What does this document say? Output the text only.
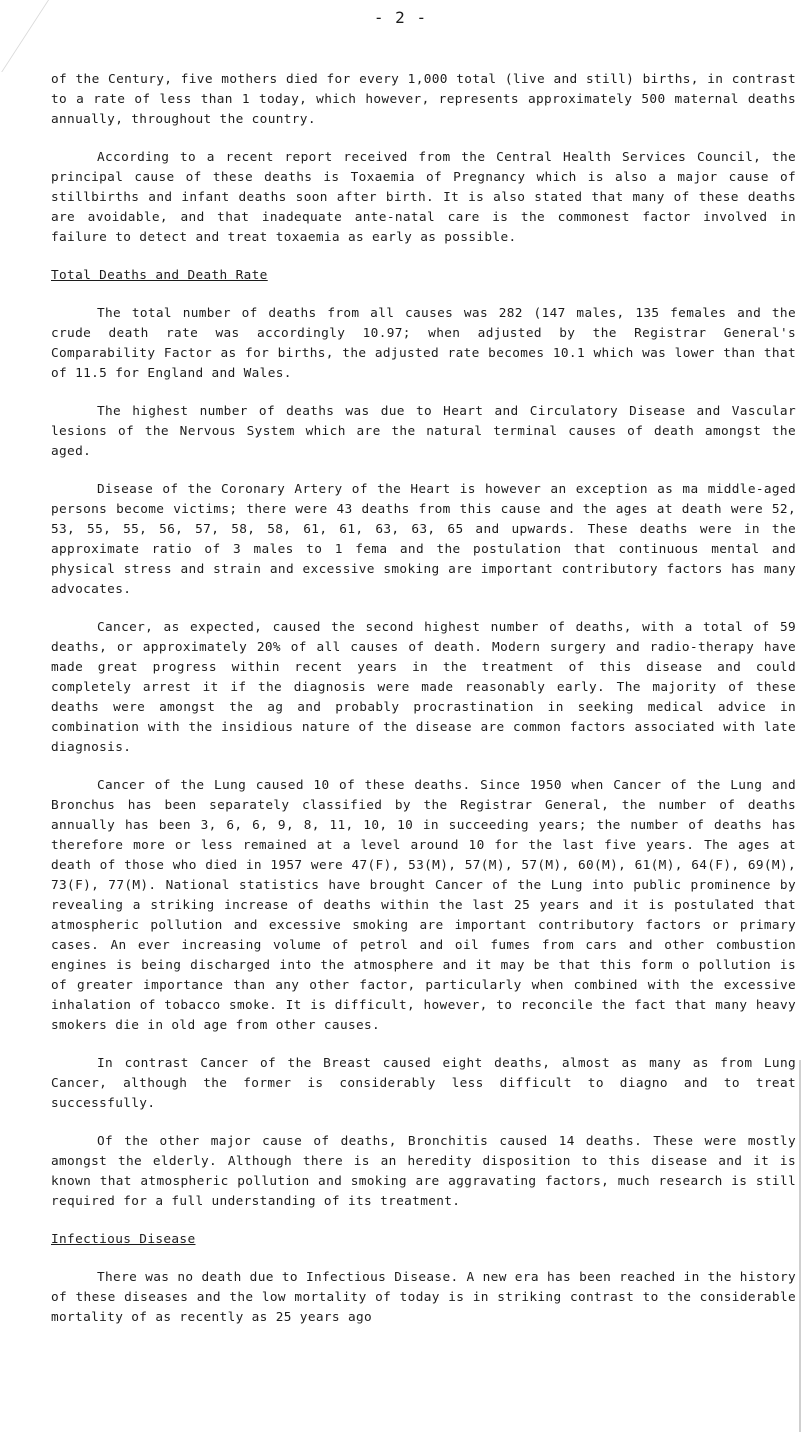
- 2 -

of the Century, five mothers died for every 1,000 total (live and still) births, in contrast to a rate of less than 1 today, which however, represents approximately 500 maternal deaths annually, throughout the country.

According to a recent report received from the Central Health Services Council, the principal cause of these deaths is Toxaemia of Pregnancy which is also a major cause of stillbirths and infant deaths soon after birth. It is also stated that many of these deaths are avoidable, and that inadequate ante-natal care is the commonest factor involved in failure to detect and treat toxaemia as early as possible.

Total Deaths and Death Rate

The total number of deaths from all causes was 282 (147 males, 135 females and the crude death rate was accordingly 10.97; when adjusted by the Registrar General's Comparability Factor as for births, the adjusted rate becomes 10.1 which was lower than that of 11.5 for England and Wales.

The highest number of deaths was due to Heart and Circulatory Disease and Vascular lesions of the Nervous System which are the natural terminal causes of death amongst the aged.

Disease of the Coronary Artery of the Heart is however an exception as ma middle-aged persons become victims; there were 43 deaths from this cause and the ages at death were 52, 53, 55, 55, 56, 57, 58, 58, 61, 61, 63, 63, 65 and upwards. These deaths were in the approximate ratio of 3 males to 1 fema and the postulation that continuous mental and physical stress and strain and excessive smoking are important contributory factors has many advocates.

Cancer, as expected, caused the second highest number of deaths, with a total of 59 deaths, or approximately 20% of all causes of death. Modern surgery and radio-therapy have made great progress within recent years in the treatment of this disease and could completely arrest it if the diagnosis were made reasonably early. The majority of these deaths were amongst the ag and probably procrastination in seeking medical advice in combination with the insidious nature of the disease are common factors associated with late diagnosis.

Cancer of the Lung caused 10 of these deaths. Since 1950 when Cancer of the Lung and Bronchus has been separately classified by the Registrar General, the number of deaths annually has been 3, 6, 6, 9, 8, 11, 10, 10 in succeeding years; the number of deaths has therefore more or less remained at a level around 10 for the last five years. The ages at death of those who died in 1957 were 47(F), 53(M), 57(M), 57(M), 60(M), 61(M), 64(F), 69(M), 73(F), 77(M). National statistics have brought Cancer of the Lung into public prominence by revealing a striking increase of deaths within the last 25 years and it is postulated that atmospheric pollution and excessive smoking are important contributory factors or primary cases. An ever increasing volume of petrol and oil fumes from cars and other combustion engines is being discharged into the atmosphere and it may be that this form o pollution is of greater importance than any other factor, particularly when combined with the excessive inhalation of tobacco smoke. It is difficult, however, to reconcile the fact that many heavy smokers die in old age from other causes.

In contrast Cancer of the Breast caused eight deaths, almost as many as from Lung Cancer, although the former is considerably less difficult to diagno and to treat successfully.

Of the other major cause of deaths, Bronchitis caused 14 deaths. These were mostly amongst the elderly. Although there is an heredity disposition to this disease and it is known that atmospheric pollution and smoking are aggravating factors, much research is still required for a full understanding of its treatment.

Infectious Disease

There was no death due to Infectious Disease. A new era has been reached in the history of these diseases and the low mortality of today is in striking contrast to the considerable mortality of as recently as 25 years ago
